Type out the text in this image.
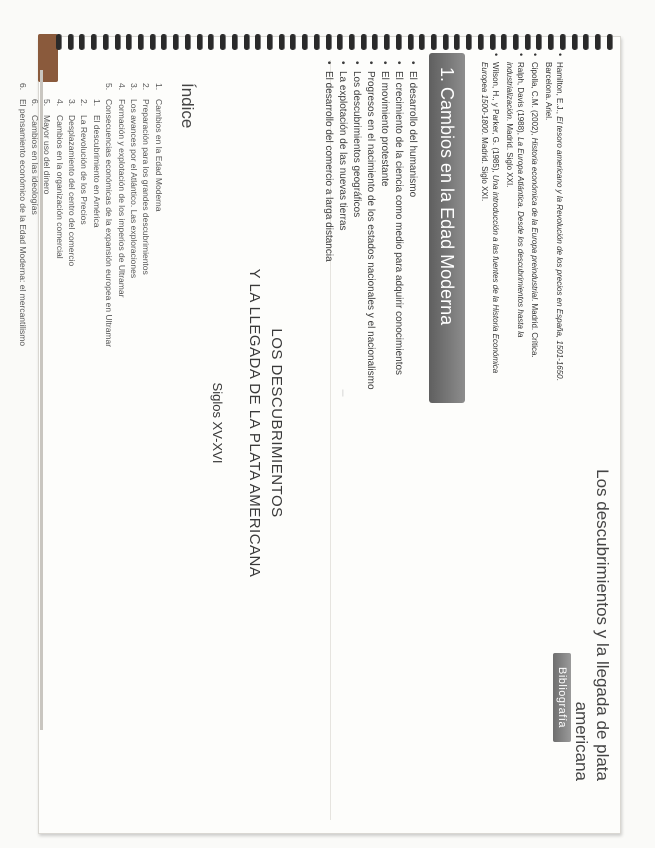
LOS DESCUBRIMIENTOS
Y LA LLEGADA DE LA PLATA AMERICANA
Siglos XV-XVI
Índice
1.
Cambios en la Edad Moderna
2.
Preparación para los grandes descubrimientos
3.
Los avances por el Atlántico. Las exploraciones
4.
Formación y explotación de los imperios de Ultramar
5.
Consecuencias económicas de la expansión europea en Ultramar
1.
El descubrimiento en América
2.
La Revolución de los Precios
3.
Desplazamiento del centro del comercio
4.
Cambios en la organización comercial
5.
Mayor uso del dinero
6.
Cambios en las ideologías
6.
El pensamiento económico de la Edad Moderna: el mercantilismo
Los descubrimientos y la llegada de plata
americana
Bibliografía
• Hamilton, E.J., El tesoro americano y la Revolución de los precios en España, 1501-1650. Barcelona. Ariel.
• Cipolla, C.M. (2002), Historia económica de la Europa preindustrial. Madrid. Crítica.
• Ralph, Davis (1988), La Europa Atlántica. Desde los descubrimientos hasta la industrialización. Madrid. Siglo XXI.
• Wilson, H., y Parker, G. (1985), Una introducción a las fuentes de la Historia Económica Europea 1500-1800. Madrid. Siglo XXI.
1. Cambios en la Edad Moderna
• El desarrollo del humanismo
• El crecimiento de la ciencia como medio para adquirir conocimientos
• El movimiento protestante
• Progresos en el nacimiento de los estados nacionales y el nacionalismo
• Los descubrimientos geográficos
• La explotación de las nuevas tierras
• El desarrollo del comercio a larga distancia
|
